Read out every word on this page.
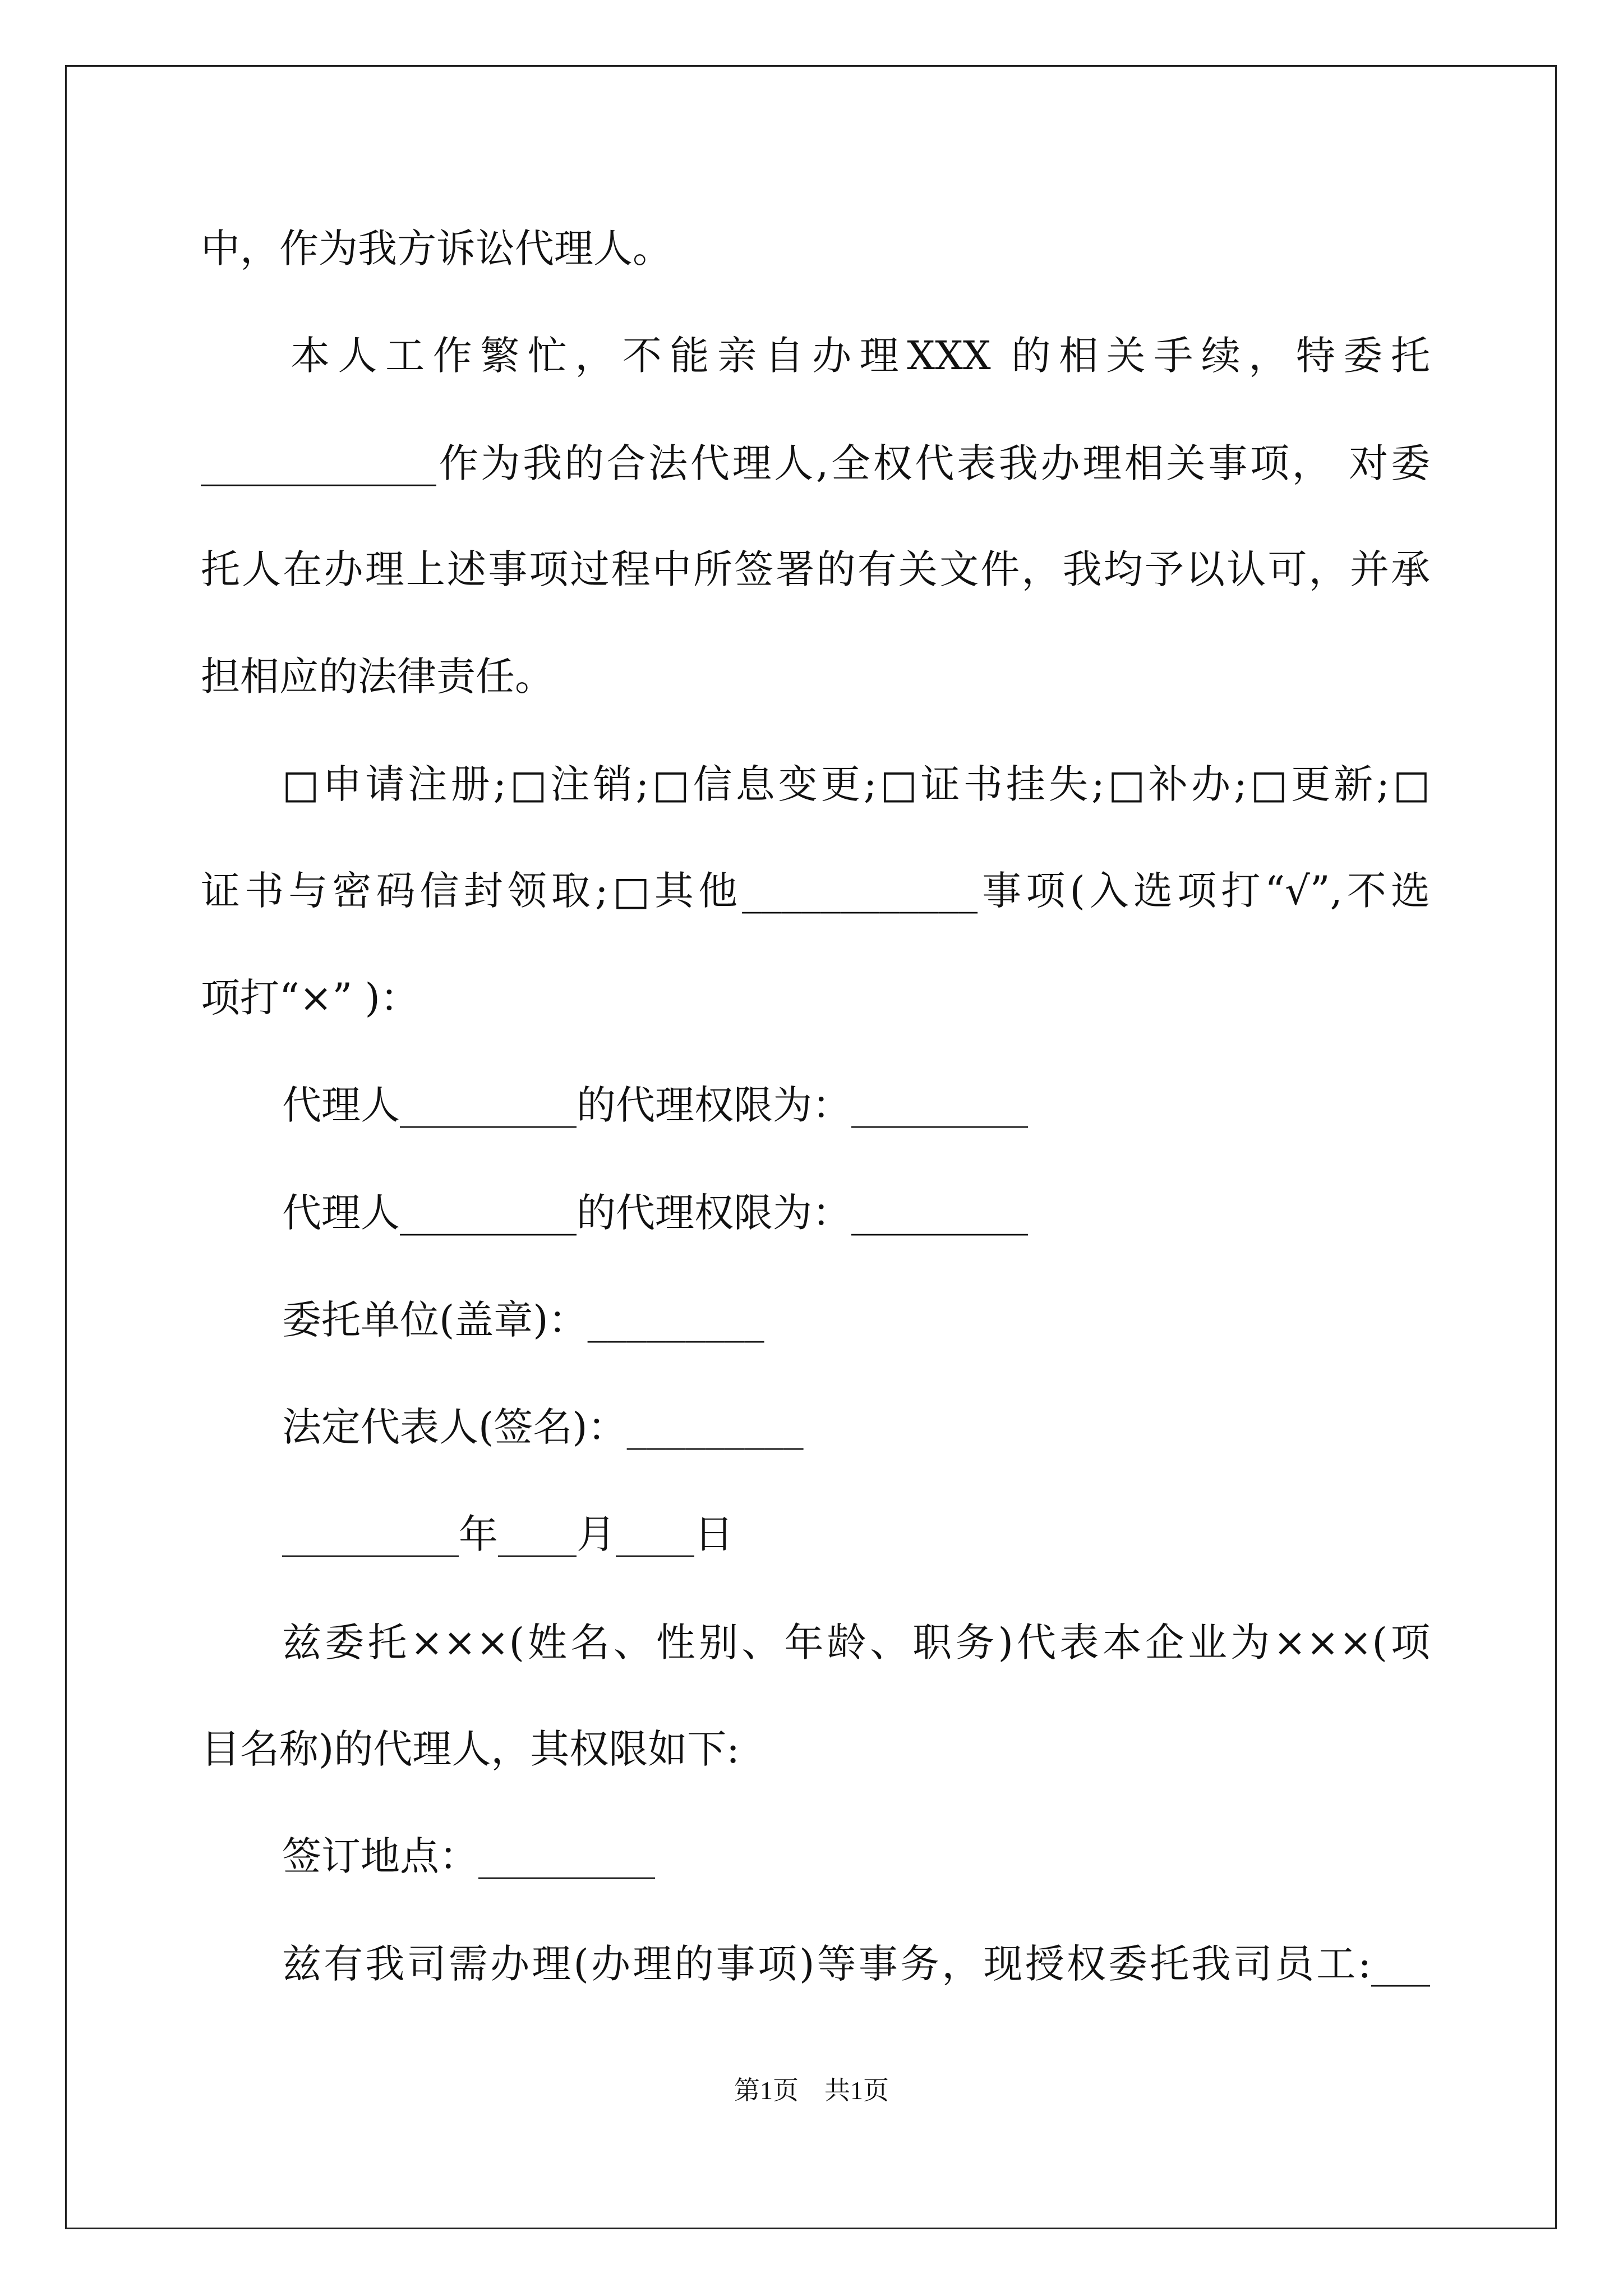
中，作为我方诉讼代理人。
本人工作繁忙，不能亲自办理XXX 的相关手续，特委托
____________作为我的合法代理人,全权代表我办理相关事项， 对委
托人在办理上述事项过程中所签署的有关文件，我均予以认可，并承
担相应的法律责任。
□申请注册;□注销;□信息变更;□证书挂失;□补办;□更新;□
证书与密码信封领取;□其他____________事项(入选项打“√”,不选
项打“×” )：
代理人_________的代理权限为：_________
代理人_________的代理权限为：_________
委托单位(盖章)：_________
法定代表人(签名)：_________
_________年____月____日
兹委托×××(姓名、性别、年龄、职务)代表本企业为×××(项
目名称)的代理人，其权限如下:
签订地点：_________
兹有我司需办理(办理的事项)等事务，现授权委托我司员工:___
第1页　共1页
